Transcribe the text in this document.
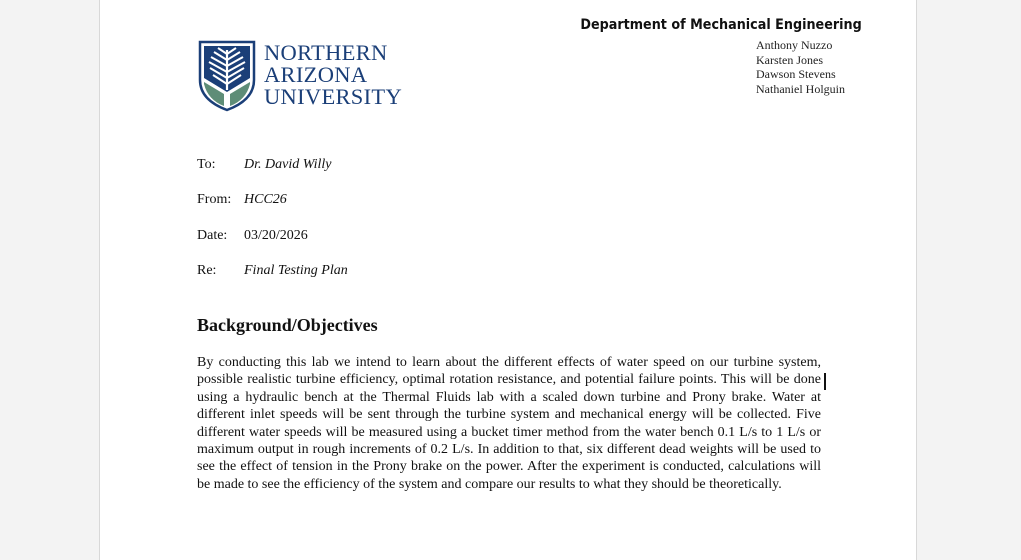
NORTHERN
ARIZONA
UNIVERSITY
Department of Mechanical Engineering
Anthony Nuzzo
Karsten Jones
Dawson Stevens
Nathaniel Holguin
To: Dr. David Willy
From: HCC26
Date: 03/20/2026
Re: Final Testing Plan
Background/Objectives
By conducting this lab we intend to learn about the different effects of water speed on our turbine system, possible realistic turbine efficiency, optimal rotation resistance, and potential failure points. This will be done using a hydraulic bench at the Thermal Fluids lab with a scaled down turbine and Prony brake. Water at different inlet speeds will be sent through the turbine system and mechanical energy will be collected. Five different water speeds will be measured using a bucket timer method from the water bench 0.1 L/s to 1 L/s or maximum output in rough increments of 0.2 L/s. In addition to that, six different dead weights will be used to see the effect of tension in the Prony brake on the power. After the experiment is conducted, calculations will be made to see the efficiency of the system and compare our results to what they should be theoretically.
